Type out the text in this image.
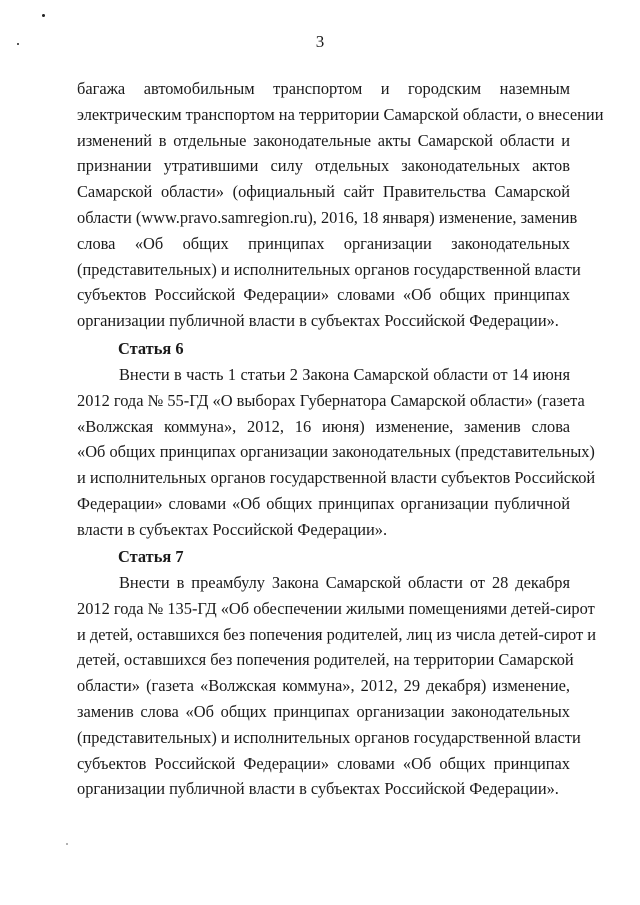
3
багажа автомобильным транспортом и городским наземным
электрическим транспортом на территории Самарской области, о внесении
изменений в отдельные законодательные акты Самарской области и
признании утратившими силу отдельных законодательных актов
Самарской области» (официальный сайт Правительства Самарской
области (www.pravo.samregion.ru), 2016, 18 января) изменение, заменив
слова «Об общих принципах организации законодательных
(представительных) и исполнительных органов государственной власти
субъектов Российской Федерации» словами «Об общих принципах
организации публичной власти в субъектах Российской Федерации».
Статья 6
Внести в часть 1 статьи 2 Закона Самарской области от 14 июня
2012 года № 55-ГД «О выборах Губернатора Самарской области» (газета
«Волжская коммуна», 2012, 16 июня) изменение, заменив слова
«Об общих принципах организации законодательных (представительных)
и исполнительных органов государственной власти субъектов Российской
Федерации» словами «Об общих принципах организации публичной
власти в субъектах Российской Федерации».
Статья 7
Внести в преамбулу Закона Самарской области от 28 декабря
2012 года № 135-ГД «Об обеспечении жилыми помещениями детей-сирот
и детей, оставшихся без попечения родителей, лиц из числа детей-сирот и
детей, оставшихся без попечения родителей, на территории Самарской
области» (газета «Волжская коммуна», 2012, 29 декабря) изменение,
заменив слова «Об общих принципах организации законодательных
(представительных) и исполнительных органов государственной власти
субъектов Российской Федерации» словами «Об общих принципах
организации публичной власти в субъектах Российской Федерации».
